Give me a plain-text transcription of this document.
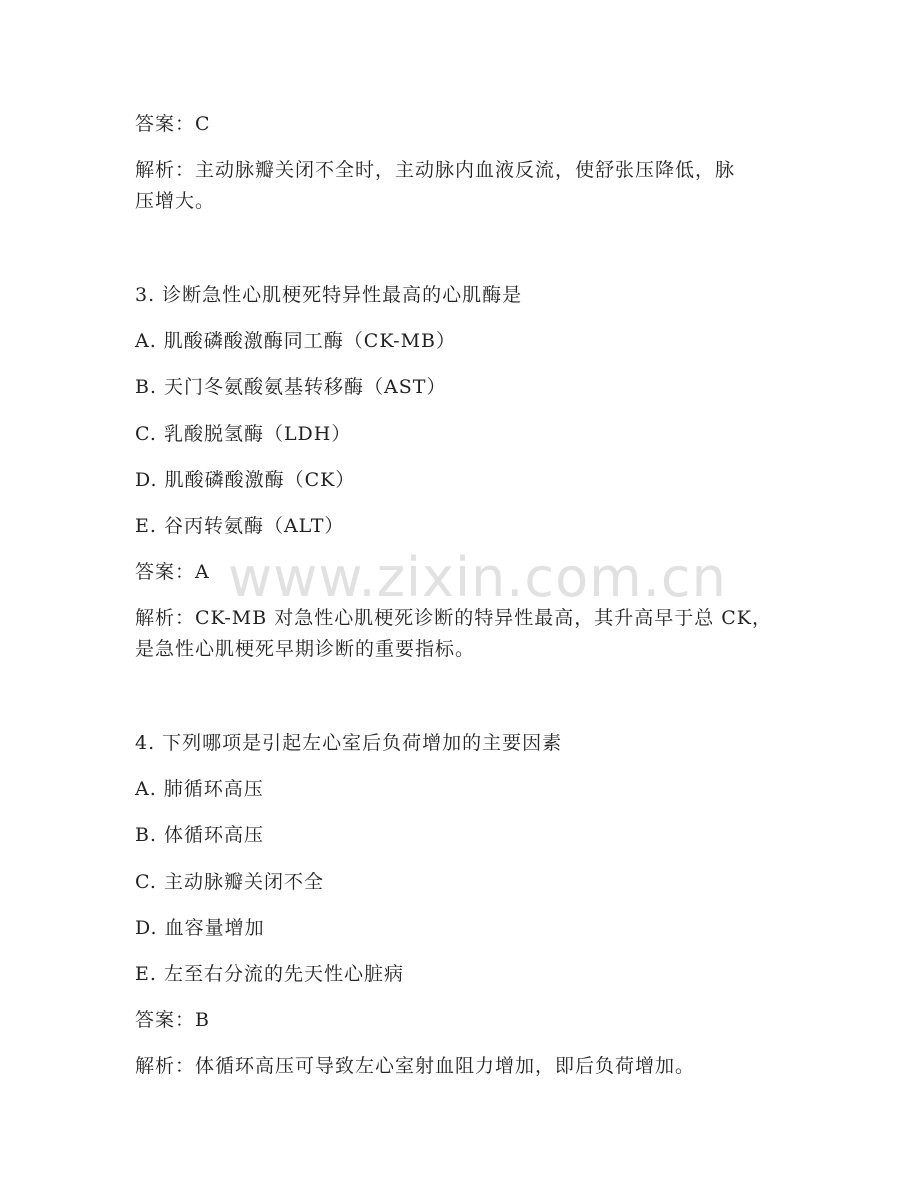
www.zixin.com.cn
答案：C
解析：主动脉瓣关闭不全时，主动脉内血液反流，使舒张压降低，脉
压增大。
3. 诊断急性心肌梗死特异性最高的心肌酶是
A. 肌酸磷酸激酶同工酶（CK-MB）
B. 天门冬氨酸氨基转移酶（AST）
C. 乳酸脱氢酶（LDH）
D. 肌酸磷酸激酶（CK）
E. 谷丙转氨酶（ALT）
答案：A
解析：CK-MB 对急性心肌梗死诊断的特异性最高，其升高早于总 CK，
是急性心肌梗死早期诊断的重要指标。
4. 下列哪项是引起左心室后负荷增加的主要因素
A. 肺循环高压
B. 体循环高压
C. 主动脉瓣关闭不全
D. 血容量增加
E. 左至右分流的先天性心脏病
答案：B
解析：体循环高压可导致左心室射血阻力增加，即后负荷增加。
